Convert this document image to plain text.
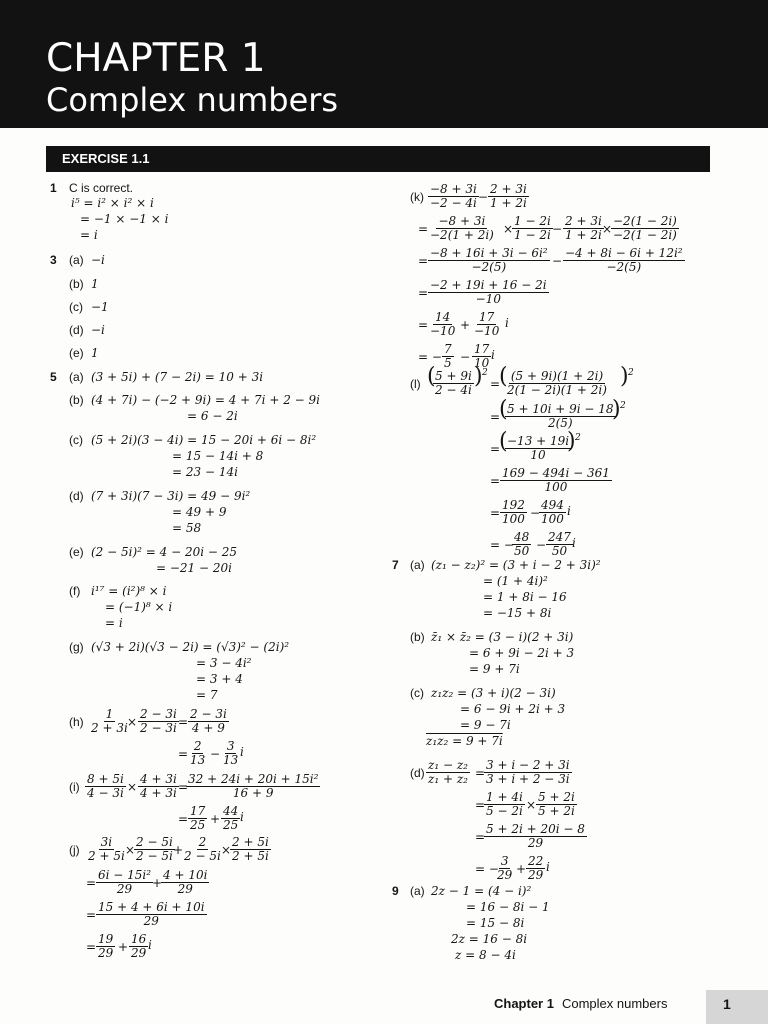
CHAPTER 1
Complex numbers
EXERCISE 1.1
1 C is correct.
i⁵ = i² × i² × i
= −1 × −1 × i
= i
3 (a) −i
(b) 1
(c) −1
(d) −i
(e) 1
5 (a) (3 + 5i) + (7 − 2i) = 10 + 3i
(b) (4 + 7i) − (−2 + 9i) = 4 + 7i + 2 − 9i
= 6 − 2i
(c) (5 + 2i)(3 − 4i) = 15 − 20i + 6i − 8i²
= 15 − 14i + 8
= 23 − 14i
(d) (7 + 3i)(7 − 3i) = 49 − 9i²
= 49 + 9
= 58
(e) (2 − 5i)² = 4 − 20i − 25
= −21 − 20i
(f) i¹⁷ = (i²)⁸ × i
= (−1)⁸ × i
= i
(g) (√3 + 2i)(√3 − 2i) = (√3)² − (2i)²
= 3 − 4i²
= 3 + 4
= 7
(h)
1
2 + 3i ×
2 − 3i
2 − 3i =
2 − 3i
4 + 9
=
2
13 −
3
13
i
(i)
8 + 5i
4 − 3i ×
4 + 3i
4 + 3i =
32 + 24i + 20i + 15i²
16 + 9
=
17
25 +
44
25
i
(j)
3i
2 + 5i ×
2 − 5i
2 − 5i +
2
2 − 5i ×
2 + 5i
2 + 5i
=
6i − 15i²
29 +
4 + 10i
29
=
15 + 4 + 6i + 10i
29
=
19
29 +
16
29
i
(k)
−8 + 3i
−2 − 4i −
2 + 3i
1 + 2i
=
−8 + 3i
−2(1 + 2i) ×
1 − 2i
1 − 2i −
2 + 3i
1 + 2i ×
−2(1 − 2i)
−2(1 − 2i)
=
−8 + 16i + 3i − 6i²
−2(5)	−
−4 + 8i − 6i + 12i²
−2(5)
=
−2 + 19i + 16 − 2i
−10
=
14
−10 +
17
−10
i
= −
7
5 −
17
10
i
(l) ( 5 + 9i
2 − 4i
) 2
=
( (5 + 9i)(1 + 2i)
2(1 − 2i)(1 + 2i)
) 2
=
( 5 + 10i + 9i − 18
2(5)
) 2
=
( −13 + 19i
10
) 2
=
169 − 494i − 361
100
=
192
100 −
494
100
i
= −
48
50 −
247
50
i
7 (a) (z₁ − z₂)² = (3 + i − 2 + 3i)²
= (1 + 4i)²
= 1 + 8i − 16
= −15 + 8i
(b) z̄₁ × z̄₂ = (3 − i)(2 + 3i)
= 6 + 9i − 2i + 3
= 9 + 7i
(c) z₁z₂ = (3 + i)(2 − 3i)
= 6 − 9i + 2i + 3
= 9 − 7i
z₁z₂ = 9 + 7i
(d)
z₁ − z₂
z₁ + z₂ =
3 + i − 2 + 3i
3 + i + 2 − 3i
=
1 + 4i
5 − 2i ×
5 + 2i
5 + 2i
=
5 + 2i + 20i − 8
29
= −
3
29 +
22
29
i
9 (a) 2z − 1 = (4 − i)²
= 16 − 8i − 1
= 15 − 8i
2z = 16 − 8i
z = 8 − 4i
Chapter 1 Complex numbers	1
